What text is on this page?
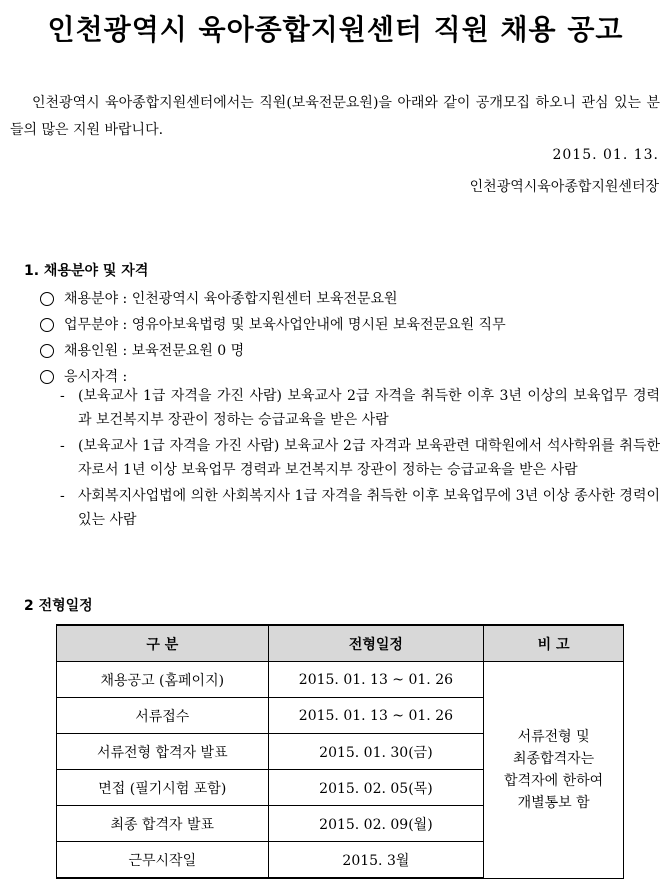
인천광역시 육아종합지원센터 직원 채용 공고
인천광역시 육아종합지원센터에서는 직원(보육전문요원)을 아래와 같이 공개모집 하오니 관심 있는 분들의 많은 지원 바랍니다.
2015. 01. 13.
인천광역시육아종합지원센터장
1. 채용분야 및 자격
채용분야 : 인천광역시 육아종합지원센터 보육전문요원
업무분야 : 영유아보육법령 및 보육사업안내에 명시된 보육전문요원 직무
채용인원 : 보육전문요원 0 명
응시자격 :
- (보육교사 1급 자격을 가진 사람) 보육교사 2급 자격을 취득한 이후 3년 이상의 보육업무 경력과 보건복지부 장관이 정하는 승급교육을 받은 사람
- (보육교사 1급 자격을 가진 사람) 보육교사 2급 자격과 보육관련 대학원에서 석사학위를 취득한 자로서 1년 이상 보육업무 경력과 보건복지부 장관이 정하는 승급교육을 받은 사람
- 사회복지사업법에 의한 사회복지사 1급 자격을 취득한 이후 보육업무에 3년 이상 종사한 경력이 있는 사람
2 전형일정
구 분	전형일정	비 고
채용공고 (홈페이지)	2015. 01. 13 ~ 01. 26	서류전형 및
최종합격자는
합격자에 한하여
개별통보 함

서류접수	2015. 01. 13 ~ 01. 26	
서류전형 합격자 발표	2015. 01. 30(금)	
면접 (필기시험 포함)	2015. 02. 05(목)	
최종 합격자 발표	2015. 02. 09(월)	
근무시작일	2015. 3월	
